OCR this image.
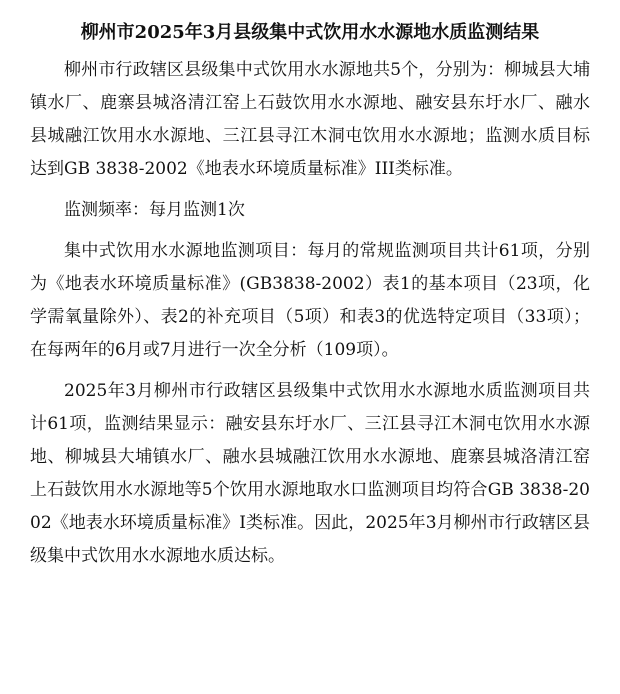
柳州市2025年3月县级集中式饮用水水源地水质监测结果

柳州市行政辖区县级集中式饮用水水源地共5个，分别为：柳城县大埔镇水厂、鹿寨县城洛清江窑上石鼓饮用水水源地、融安县东圩水厂、融水县城融江饮用水水源地、三江县寻江木洞屯饮用水水源地；监测水质目标达到GB 3838-2002《地表水环境质量标准》III类标准。

监测频率：每月监测1次

集中式饮用水水源地监测项目：每月的常规监测项目共计61项，分别为《地表水环境质量标准》(GB3838-2002）表1的基本项目（23项，化学需氧量除外）、表2的补充项目（5项）和表3的优选特定项目（33项）；在每两年的6月或7月进行一次全分析（109项）。

2025年3月柳州市行政辖区县级集中式饮用水水源地水质监测项目共计61项，监测结果显示：融安县东圩水厂、三江县寻江木洞屯饮用水水源地、柳城县大埔镇水厂、融水县城融江饮用水水源地、鹿寨县城洛清江窑上石鼓饮用水水源地等5个饮用水源地取水口监测项目均符合GB 3838-2002《地表水环境质量标准》Ⅰ类标准。因此，2025年3月柳州市行政辖区县级集中式饮用水水源地水质达标。
